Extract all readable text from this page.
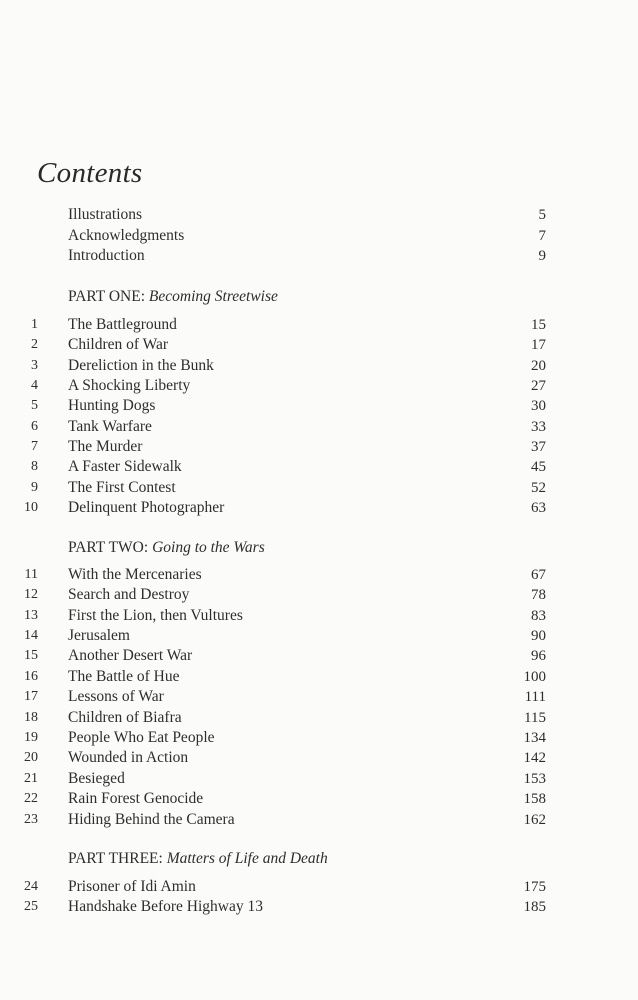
Contents
Illustrations	5
Acknowledgments	7
Introduction	9
PART ONE: Becoming Streetwise
1 The Battleground	15
2 Children of War	17
3 Dereliction in the Bunk	20
4 A Shocking Liberty	27
5 Hunting Dogs	30
6 Tank Warfare	33
7 The Murder	37
8 A Faster Sidewalk	45
9 The First Contest	52
10 Delinquent Photographer	63
PART TWO: Going to the Wars
11 With the Mercenaries	67
12 Search and Destroy	78
13 First the Lion, then Vultures	83
14 Jerusalem	90
15 Another Desert War	96
16 The Battle of Hue	100
17 Lessons of War	111
18 Children of Biafra	115
19 People Who Eat People	134
20 Wounded in Action	142
21 Besieged	153
22 Rain Forest Genocide	158
23 Hiding Behind the Camera	162
PART THREE: Matters of Life and Death
24 Prisoner of Idi Amin	175
25 Handshake Before Highway 13	185
